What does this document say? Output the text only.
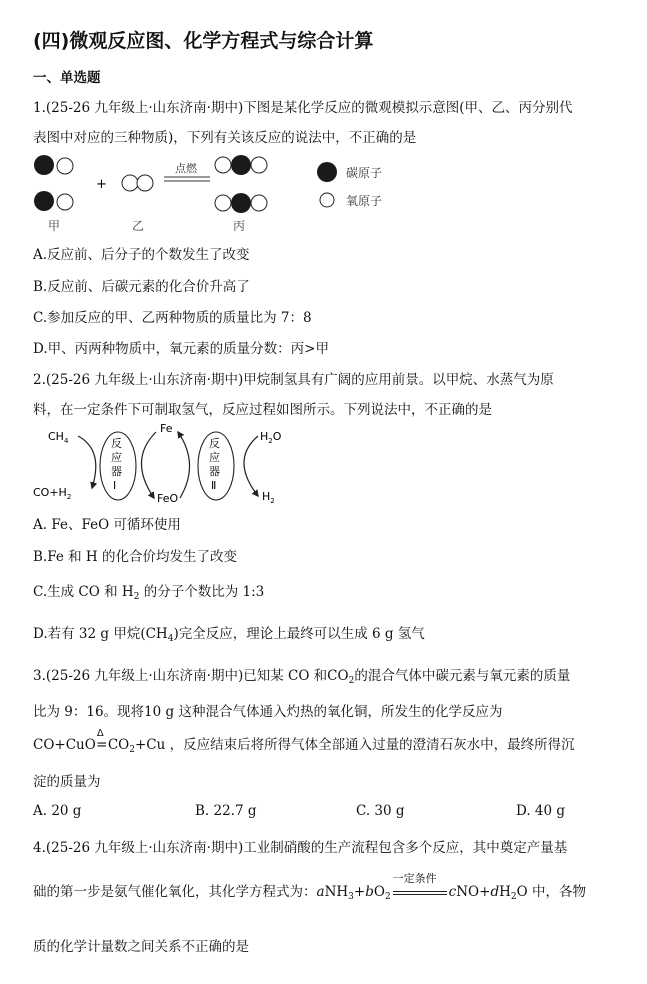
(四)微观反应图、化学方程式与综合计算
一、单选题
1.(25-26 九年级上·山东济南·期中)下图是某化学反应的微观模拟示意图(甲、乙、丙分别代
表图中对应的三种物质)，下列有关该反应的说法中，不正确的是
+
点燃
甲	乙	丙
碳原子
氧原子
A.反应前、后分子的个数发生了改变
B.反应前、后碳元素的化合价升高了
C.参加反应的甲、乙两种物质的质量比为 7：8
D.甲、丙两种物质中，氧元素的质量分数：丙>甲
2.(25-26 九年级上·山东济南·期中)甲烷制氢具有广阔的应用前景。以甲烷、水蒸气为原
料，在一定条件下可制取氢气，反应过程如图所示。下列说法中，不正确的是
$CH_4$
$CO+H_2$
Fe
FeO
$H_2O$
$H_2$
反
应
器
Ⅰ
反
应
器
Ⅱ
A. Fe、FeO 可循环使用
B.Fe 和 H 的化合价均发生了改变
C.生成 CO 和 $H_2$ 的分子个数比为 1:3
D.若有 32 g 甲烷$(CH_4)$完全反应，理论上最终可以生成 6 g 氢气
3.(25-26 九年级上·山东济南·期中)已知某 CO 和$CO_2$的混合气体中碳元素与氧元素的质量
比为 9：16。现将10 g 这种混合气体通入灼热的氧化铜，所发生的化学反应为
CO+CuO
Δ
$=CO_2+Cu$ ，反应结束后将所得气体全部通入过量的澄清石灰水中，最终所得沉
淀的质量为
A. 20 g	B. 22.7 g	C. 30 g	D. 40 g
4.(25-26 九年级上·山东济南·期中)工业制硝酸的生产流程包含多个反应，其中奠定产量基
础的第一步是氨气催化氧化，其化学方程式为：$aNH_3+bO_2$
一定条件
$cNO+dH_2O$ 中，各物
质的化学计量数之间关系不正确的是
